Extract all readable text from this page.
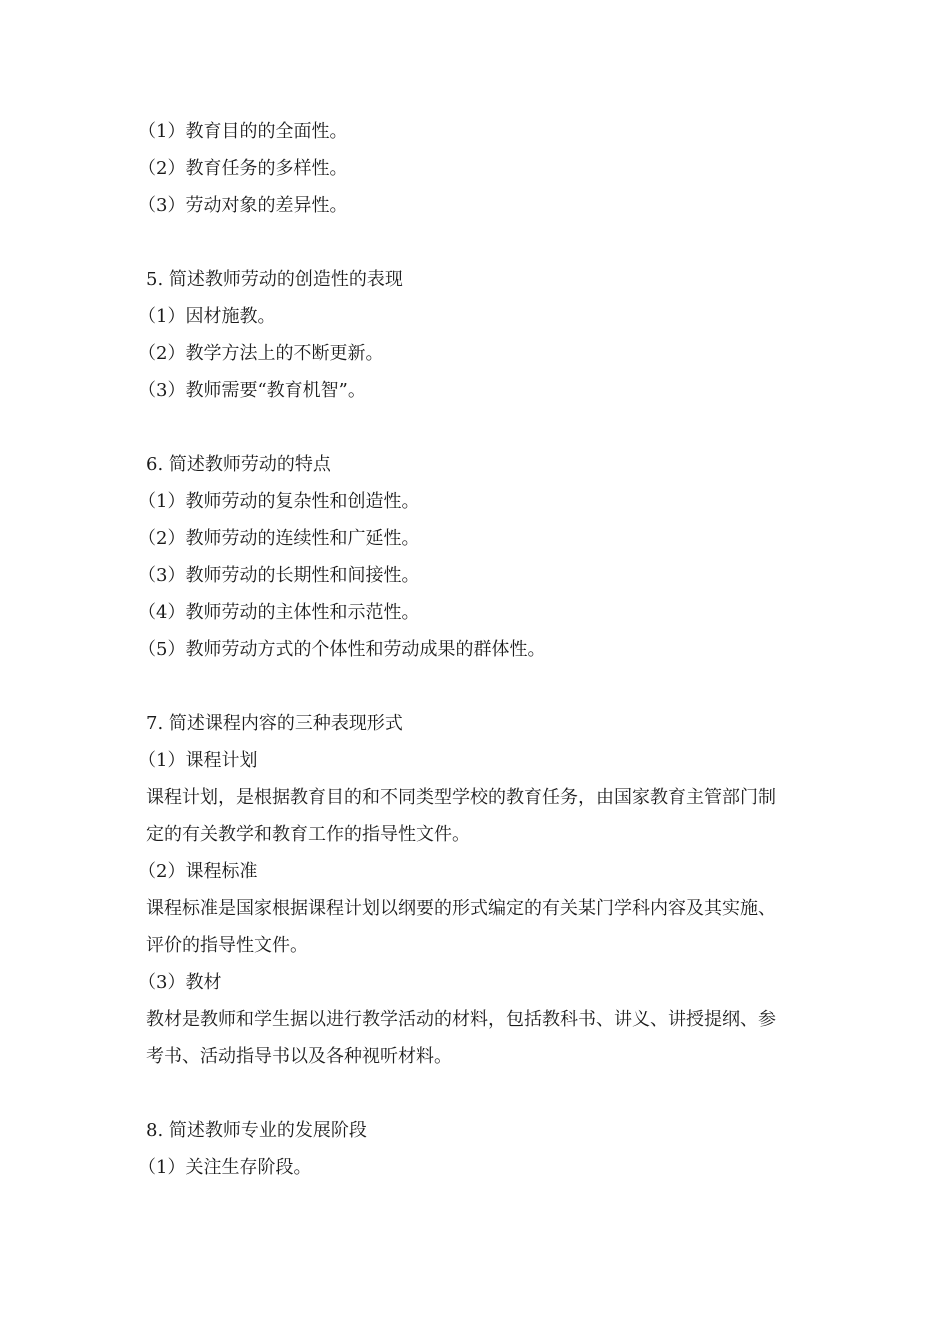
（1）教育目的的全面性。
（2）教育任务的多样性。
（3）劳动对象的差异性。
5. 简述教师劳动的创造性的表现
（1）因材施教。
（2）教学方法上的不断更新。
（3）教师需要“教育机智”。
6. 简述教师劳动的特点
（1）教师劳动的复杂性和创造性。
（2）教师劳动的连续性和广延性。
（3）教师劳动的长期性和间接性。
（4）教师劳动的主体性和示范性。
（5）教师劳动方式的个体性和劳动成果的群体性。
7. 简述课程内容的三种表现形式
（1）课程计划
课程计划，是根据教育目的和不同类型学校的教育任务，由国家教育主管部门制
定的有关教学和教育工作的指导性文件。
（2）课程标准
课程标准是国家根据课程计划以纲要的形式编定的有关某门学科内容及其实施、
评价的指导性文件。
（3）教材
教材是教师和学生据以进行教学活动的材料，包括教科书、讲义、讲授提纲、参
考书、活动指导书以及各种视听材料。
8. 简述教师专业的发展阶段
（1）关注生存阶段。
